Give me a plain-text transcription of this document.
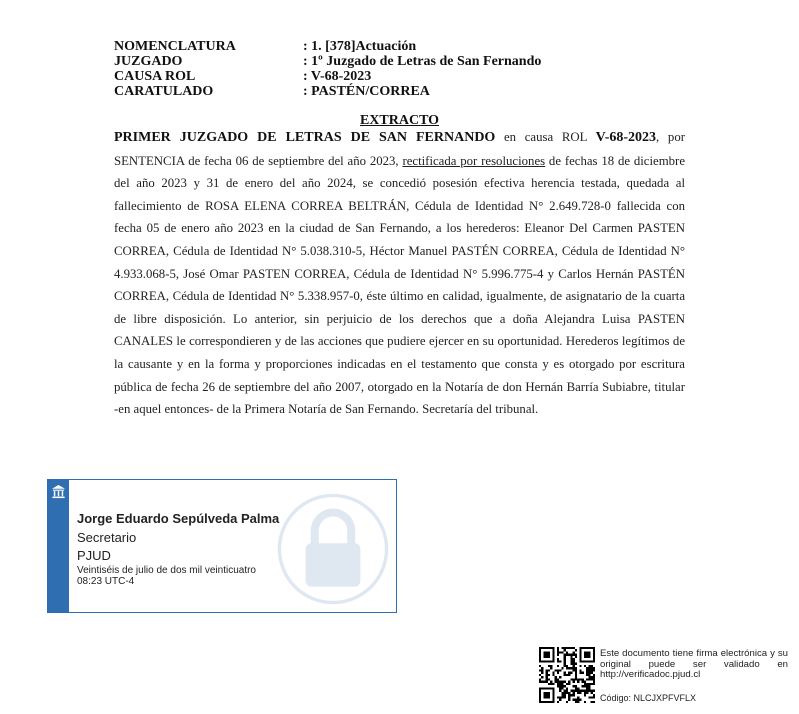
NOMENCLATURA	: 1. [378]Actuación
JUZGADO	: 1º Juzgado de Letras de San Fernando
CAUSA ROL	: V-68-2023
CARATULADO	: PASTÉN/CORREA
EXTRACTO
PRIMER JUZGADO DE LETRAS DE SAN FERNANDO en causa ROL V-68-2023, por SENTENCIA de fecha 06 de septiembre del año 2023, rectificada por resoluciones de fechas 18 de diciembre del año 2023 y 31 de enero del año 2024, se concedió posesión efectiva herencia testada, quedada al fallecimiento de ROSA ELENA CORREA BELTRÁN, Cédula de Identidad N° 2.649.728-0 fallecida con fecha 05 de enero año 2023 en la ciudad de San Fernando, a los herederos: Eleanor Del Carmen PASTEN CORREA, Cédula de Identidad N° 5.038.310-5, Héctor Manuel PASTÉN CORREA, Cédula de Identidad N° 4.933.068-5, José Omar PASTEN CORREA, Cédula de Identidad N° 5.996.775-4 y Carlos Hernán PASTÉN CORREA, Cédula de Identidad N° 5.338.957-0, éste último en calidad, igualmente, de asignatario de la cuarta de libre disposición. Lo anterior, sin perjuicio de los derechos que a doña Alejandra Luisa PASTEN CANALES le correspondieren y de las acciones que pudiere ejercer en su oportunidad. Herederos legítimos de la causante y en la forma y proporciones indicadas en el testamento que consta y es otorgado por escritura pública de fecha 26 de septiembre del año 2007, otorgado en la Notaría de don Hernán Barría Subiabre, titular -en aquel entonces- de la Primera Notaría de San Fernando. Secretaría del tribunal.
Jorge Eduardo Sepúlveda Palma
Secretario
PJUD
Veintiséis de julio de dos mil veinticuatro
08:23 UTC-4
Este documento tiene firma electrónica y su original puede ser validado en http://verificadoc.pjud.cl
Código: NLCJXPFVFLX
